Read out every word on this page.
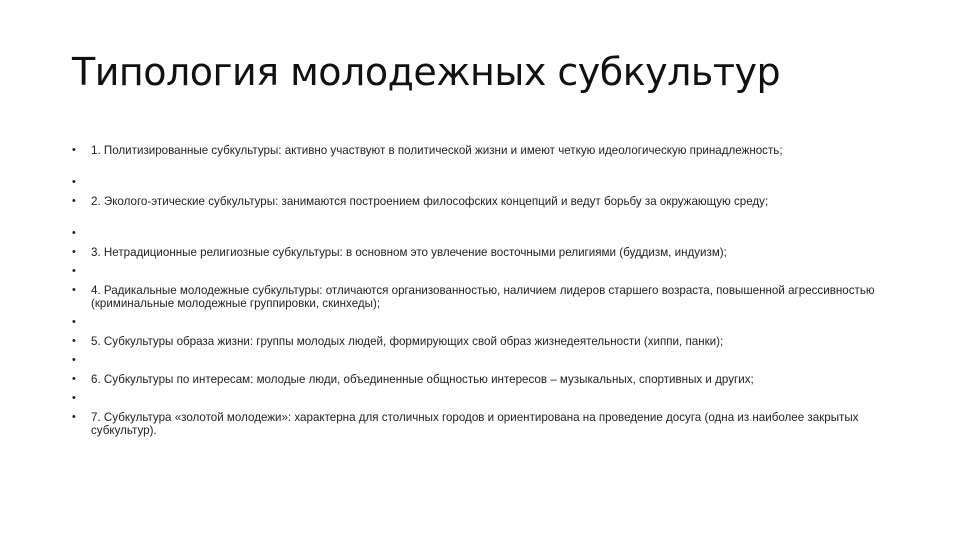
Типология молодежных субкультур
• 1. Политизированные субкультуры: активно участвуют в политической жизни и имеют четкую идеологическую принадлежность;
•
• 2. Эколого-этические субкультуры: занимаются построением философских концепций и ведут борьбу за окружающую среду;
•
• 3. Нетрадиционные религиозные субкультуры: в основном это увлечение восточными религиями (буддизм, индуизм);
•
• 4. Радикальные молодежные субкультуры: отличаются организованностью, наличием лидеров старшего возраста, повышенной агрессивностью (криминальные молодежные группировки, скинхеды);
•
• 5. Субкультуры образа жизни: группы молодых людей, формирующих свой образ жизнедеятельности (хиппи, панки);
•
• 6. Субкультуры по интересам: молодые люди, объединенные общностью интересов – музыкальных, спортивных и других;
•
• 7. Субкультура «золотой молодежи»: характерна для столичных городов и ориентирована на проведение досуга (одна из наиболее закрытых субкультур).
